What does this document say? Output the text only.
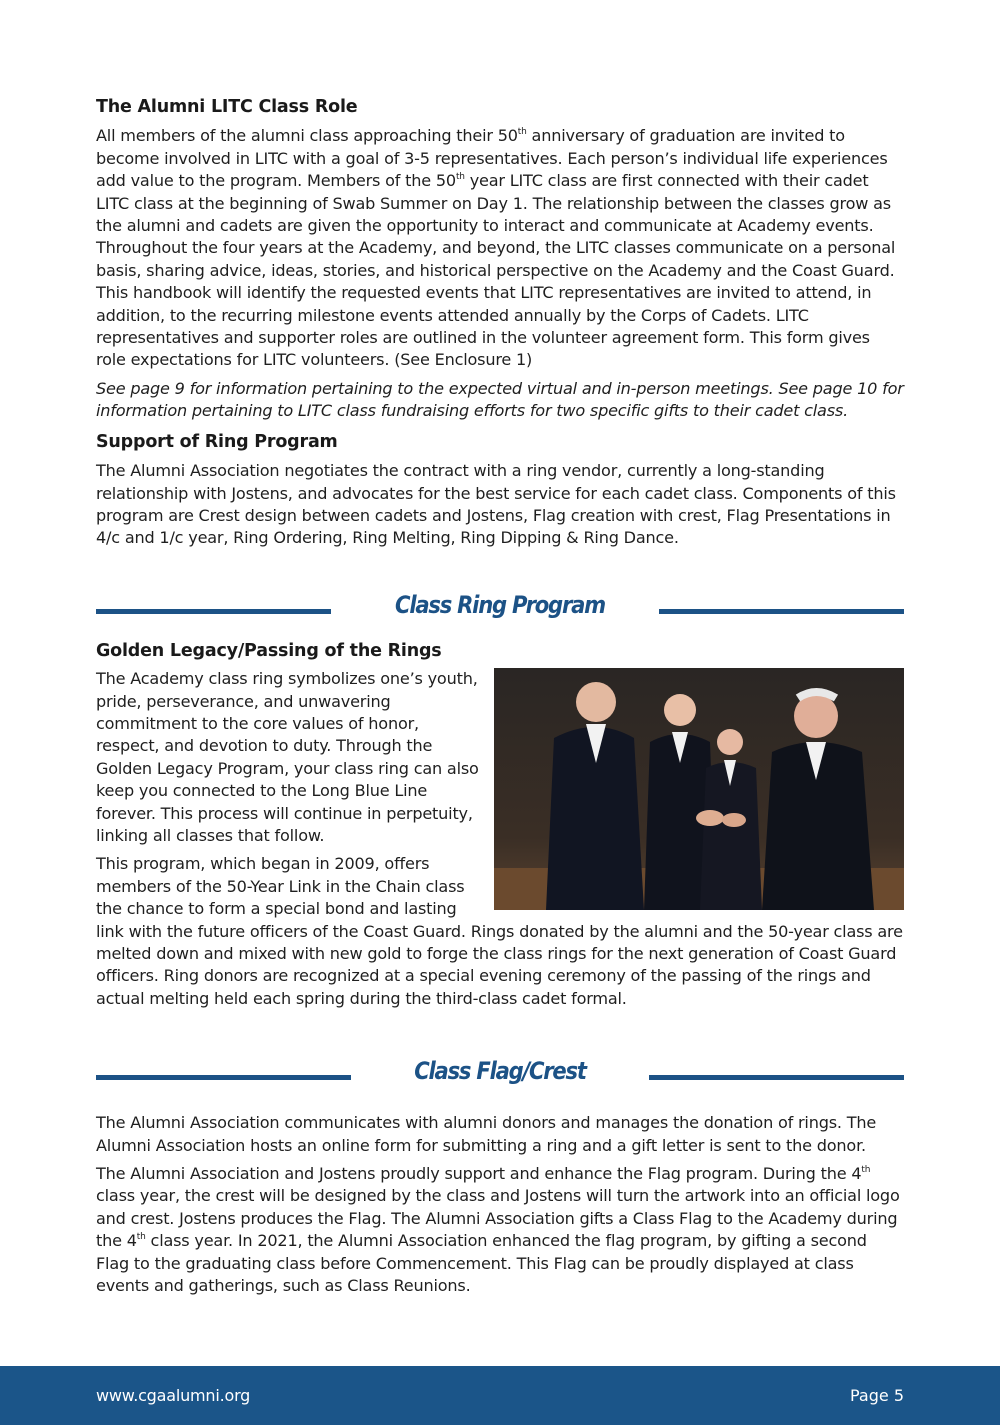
The Alumni LITC Class Role

All members of the alumni class approaching their 50th anniversary of graduation are invited to become involved in LITC with a goal of 3-5 representatives. Each person’s individual life experiences add value to the program. Members of the 50th year LITC class are first connected with their cadet LITC class at the beginning of Swab Summer on Day 1. The relationship between the classes grow as the alumni and cadets are given the opportunity to interact and communicate at Academy events. Throughout the four years at the Academy, and beyond, the LITC classes communicate on a personal basis, sharing advice, ideas, stories, and historical perspective on the Academy and the Coast Guard. This handbook will identify the requested events that LITC representatives are invited to attend, in addition, to the recurring milestone events attended annually by the Corps of Cadets. LITC representatives and supporter roles are outlined in the volunteer agreement form. This form gives role expectations for LITC volunteers. (See Enclosure 1)

See page 9 for information pertaining to the expected virtual and in-person meetings. See page 10 for information pertaining to LITC class fundraising efforts for two specific gifts to their cadet class.

Support of Ring Program

The Alumni Association negotiates the contract with a ring vendor, currently a long-standing relationship with Jostens, and advocates for the best service for each cadet class. Components of this program are Crest design between cadets and Jostens, Flag creation with crest, Flag Presentations in 4/c and 1/c year, Ring Ordering, Ring Melting, Ring Dipping & Ring Dance.

Class Ring Program
Golden Legacy/Passing of the Rings

The Academy class ring symbolizes one’s youth, pride, perseverance, and unwavering commitment to the core values of honor, respect, and devotion to duty. Through the Golden Legacy Program, your class ring can also keep you connected to the Long Blue Line forever. This process will continue in perpetuity, linking all classes that follow.

This program, which began in 2009, offers members of the 50-Year Link in the Chain class the chance to form a special bond and lasting link with the future officers of the Coast Guard. Rings donated by the alumni and the 50-year class are melted down and mixed with new gold to forge the class rings for the next generation of Coast Guard officers. Ring donors are recognized at a special evening ceremony of the passing of the rings and actual melting held each spring during the third-class cadet formal.

Class Flag/Crest

The Alumni Association communicates with alumni donors and manages the donation of rings. The Alumni Association hosts an online form for submitting a ring and a gift letter is sent to the donor.

The Alumni Association and Jostens proudly support and enhance the Flag program. During the 4th class year, the crest will be designed by the class and Jostens will turn the artwork into an official logo and crest. Jostens produces the Flag. The Alumni Association gifts a Class Flag to the Academy during the 4th class year. In 2021, the Alumni Association enhanced the flag program, by gifting a second Flag to the graduating class before Commencement. This Flag can be proudly displayed at class events and gatherings, such as Class Reunions.

www.cgaalumni.org	Page 5
